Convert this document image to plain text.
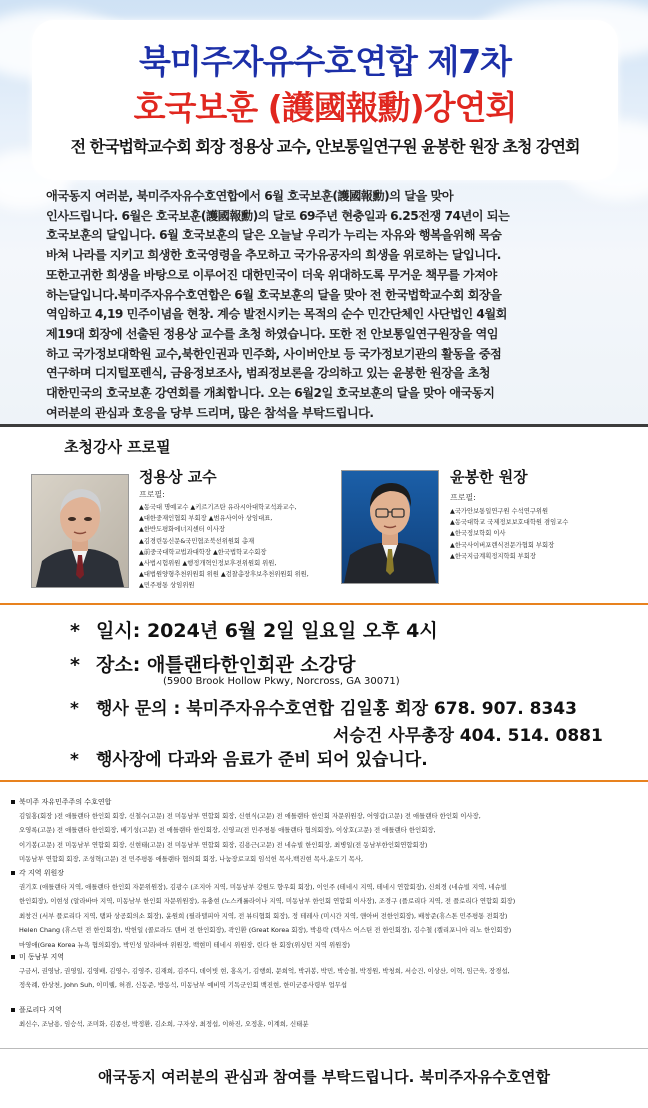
북미주자유수호연합 제7차
호국보훈 (護國報勳)강연회
전 한국법학교수회 회장 정용상 교수, 안보통일연구원 윤봉한 원장 초청 강연회
애국동지 여러분, 북미주자유수호연합에서 6월 호국보훈(護國報勳)의 달을 맞아
인사드립니다. 6월은 호국보훈(護國報勳)의 달로 69주년 현충일과 6.25전쟁 74년이 되는
호국보훈의 달입니다. 6월 호국보훈의 달은 오늘날 우리가 누리는 자유와 행복을위해 목숨
바쳐 나라를 지키고 희생한 호국영령을 추모하고 국가유공자의 희생을 위로하는 달입니다.
또한고귀한 희생을 바탕으로 이루어진 대한민국이 더욱 위대하도록 무거운 책무를 가져야
하는달입니다.북미주자유수호연합은 6월 호국보훈의 달을 맞아 전 한국법학교수회 회장을
역임하고 4,19 민주이념을 현창. 계승 발전시키는 목적의 순수 민간단체인 사단법인 4월회
제19대 회장에 선출된 정용상 교수를 초청 하였습니다. 또한 전 안보통일연구원장을 역임
하고 국가정보대학원 교수,북한인권과 민주화, 사이버안보 등 국가정보기관의 활동을 중점
연구하며 디지털포렌식, 금융정보조사, 범죄정보론을 강의하고 있는 윤봉한 원장을 초청
대한민국의 호국보훈 강연회를 개최합니다. 오는 6월2일 호국보훈의 달을 맞아 애국동지
여러분의 관심과 호응을 당부 드리며, 많은 참석을 부탁드립니다.
초청강사 프로필
정용상 교수
프로필:
▲동국대 명예교수 ▲키르기즈탄 유라시아대학교석좌교수,
▲대한중재인협회 부회장 ▲범유사이아 상임대표,
▲한반도평화에너지센터 이사장
▲김경린동신문&국민협조북선위원회 총재
▲前중국대학교법과대학장 ▲한국법학교수회장
▲사법시험위원 ▲행정개혁인정보후전위원회 위원,
▲대법원양형추천위원회 위원 ▲검찰총장후보추천위원회 위원,
▲민주평통 상임위원
윤봉한 원장
프로필:
▲국가안보통일연구원 수석연구위원
▲동국대학교 국제정보보호대학원 겸임교수
▲한국정보학회 이사
▲한국사이버포렌식전문가협회 부회장
▲한국지급계획정지학회 부회장
* 일시: 2024년 6월 2일 일요일 오후 4시
* 장소: 애틀랜타한인회관 소강당
(5900 Brook Hollow Pkwy, Norcross, GA 30071)
* 행사 문의 : 북미주자유수호연합 김일홍 회장 678. 907. 8343
서승건 사무총장 404. 514. 0881
* 행사장에 다과와 음료가 준비 되어 있습니다.
북미주 자유민주주의 수호연합
김일홍(회장 )전 애틀랜타 한인회 회장, 신철수(고문) 전 미동남부 연합회 회장, 신현식(고문) 전 애틀랜타 한인회 자문위원장, 어영갑(고문) 전 애틀랜타 한인회 이사장,
오영록(고문) 전 애틀랜타 한인회장, 배기성(고문) 전 애틀랜타 한인회장, 신영교(전 민주평통 애틀랜타 협의회장), 이상호(고문) 전 애틀랜타 한인회장,
이기봉(고문) 전 미동남부 연합회 회장, 신현태(고문) 전 미동남부 연합회 회장, 김용근(고문) 전 네슈빌 한인회장, 최병일(전 동남부한인회연합회장)
미동남부 연합회 회장, 조성혁(고문) 전 민주평통 애틀랜타 협의회 회장, 나눔장로교회 임석헌 목사,백진현 목사,윤도기 목사,
각 지역 위원장
권기호 (애틀랜타 지역, 애틀랜타 한인회 자문위원장), 김광수 (조지아 지역, 미동남부 강원도 향우회 회장), 이인주 (테네시 지역, 테네시 연합회장), 신희경 (네슈빌 지역, 네슈빌
한인회장), 이현성 (알라바마 지역, 미동남부 한인회 자문위원장), 유충현 (노스캐롤라이나 지역, 미동남부 한인회 연합회 이사장), 조경구 (플로리다 지역, 전 플로리다 연합회 회장)
최창건 (서부 플로리다 지역, 탬파 상공회의소 회장), 윤원희 (필라델피아 지역, 전 뷰티협회 회장), 정 테레사 (미시간 지역, 앤아버 전한인회장), 배창준(휴스톤 민주평통 전회장)
Helen Chang (휴스턴 전 한인회장), 박헌일 (콜로라도 덴버 전 한인회장), 곽인환 (Great Korea 회장), 박용락 (텍사스 어스틴 전 한인회장), 김수철 (켈리포니아 리노 한인회장)
마영애(Grea Korea 뉴욕 협의회장), 박민성 알라바마 위원장, 백현미 테네시 위원장, 린다 한 회장(위싱턴 지역 위원장)
미 동남부 지역
구금서, 권영남, 권영일, 김영배, 김영수, 김영주, 김재희, 김주디, 데이빗 현, 홍옥기, 김행희, 문희억, 박귀봉, 박민, 박승철, 박정원, 박청희, 서승건, 이상산, 이혁, 임근욱, 장경섭,
정욱례, 한상천, John Suh, 이미웰, 허겸, 신동준, 방동석, 미동남부 예비역 기독군인회 백진현, 한미군종사령부 업무섭
플로리다 지역
최신수, 조남용, 임승석, 조미화, 김종선, 박정환, 김소희, 구자상, 최정섭, 이하진, 오정훈, 이계희, 신태분
애국동지 여러분의 관심과 참여를 부탁드립니다. 북미주자유수호연합
